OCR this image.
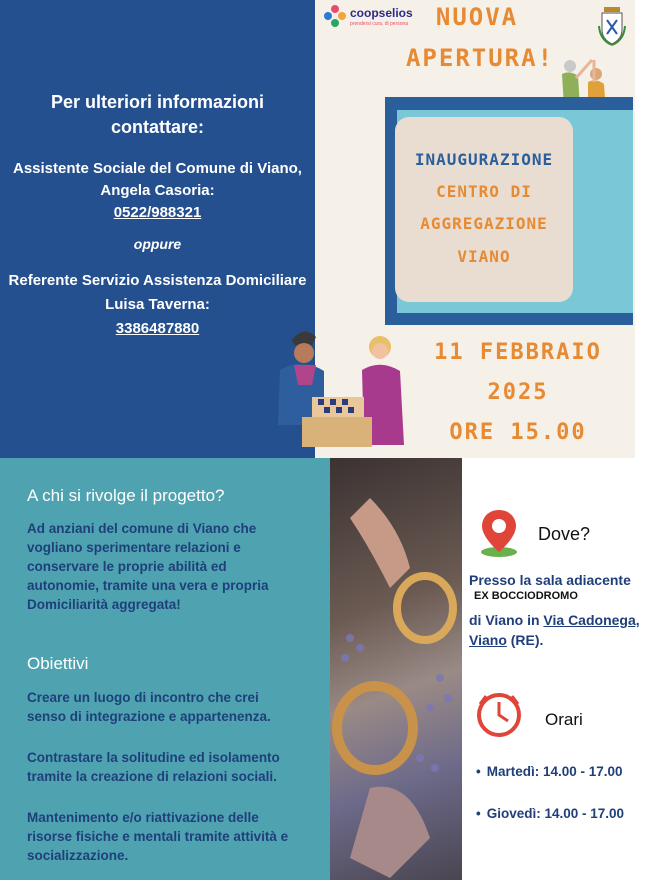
Per ulteriori informazioni
contattare:
Assistente Sociale del Comune di Viano,
Angela Casoria:
0522/988321
oppure
Referente Servizio Assistenza Domiciliare
Luisa Taverna:
3386487880
coopselios
prendersi cura, di persona	NUOVA
APERTURA!
INAUGURAZIONE
CENTRO DI
AGGREGAZIONE
VIANO
11 FEBBRAIO
2025
ORE 15.00
A chi si rivolge il progetto?
Ad anziani del comune di Viano che
vogliano sperimentare relazioni e
conservare le proprie abilità ed
autonomie, tramite una vera e propria
Domiciliarità aggregata!
Obiettivi
Creare un luogo di incontro che crei
senso di integrazione e appartenenza.
Contrastare la solitudine ed isolamento
tramite la creazione di relazioni sociali.
Mantenimento e/o riattivazione delle
risorse fisiche e mentali tramite attività e
socializzazione.
Dove?
Presso la sala adiacente
EX BOCCIODROMO
di Viano in Via Cadonega,
Viano (RE).
Orari
• Martedì: 14.00 - 17.00
• Giovedì: 14.00 - 17.00
